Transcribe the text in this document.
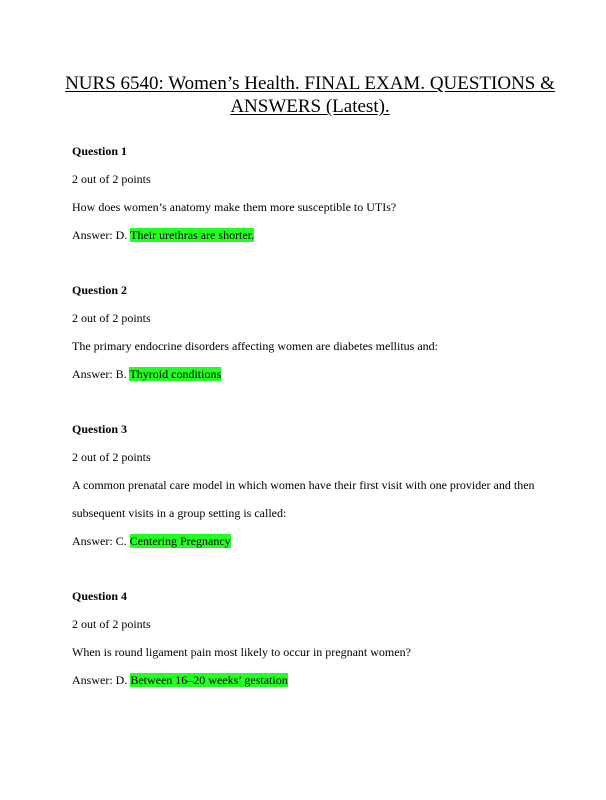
NURS 6540: Women’s Health. FINAL EXAM. QUESTIONS &
ANSWERS (Latest).

Question 1

2 out of 2 points

How does women’s anatomy make them more susceptible to UTIs?

Answer: D. Their urethras are shorter.

Question 2

2 out of 2 points

The primary endocrine disorders affecting women are diabetes mellitus and:

Answer: B. Thyroid conditions

Question 3

2 out of 2 points

A common prenatal care model in which women have their first visit with one provider and then

subsequent visits in a group setting is called:

Answer: C. Centering Pregnancy

Question 4

2 out of 2 points

When is round ligament pain most likely to occur in pregnant women?

Answer: D. Between 16–20 weeks’ gestation
